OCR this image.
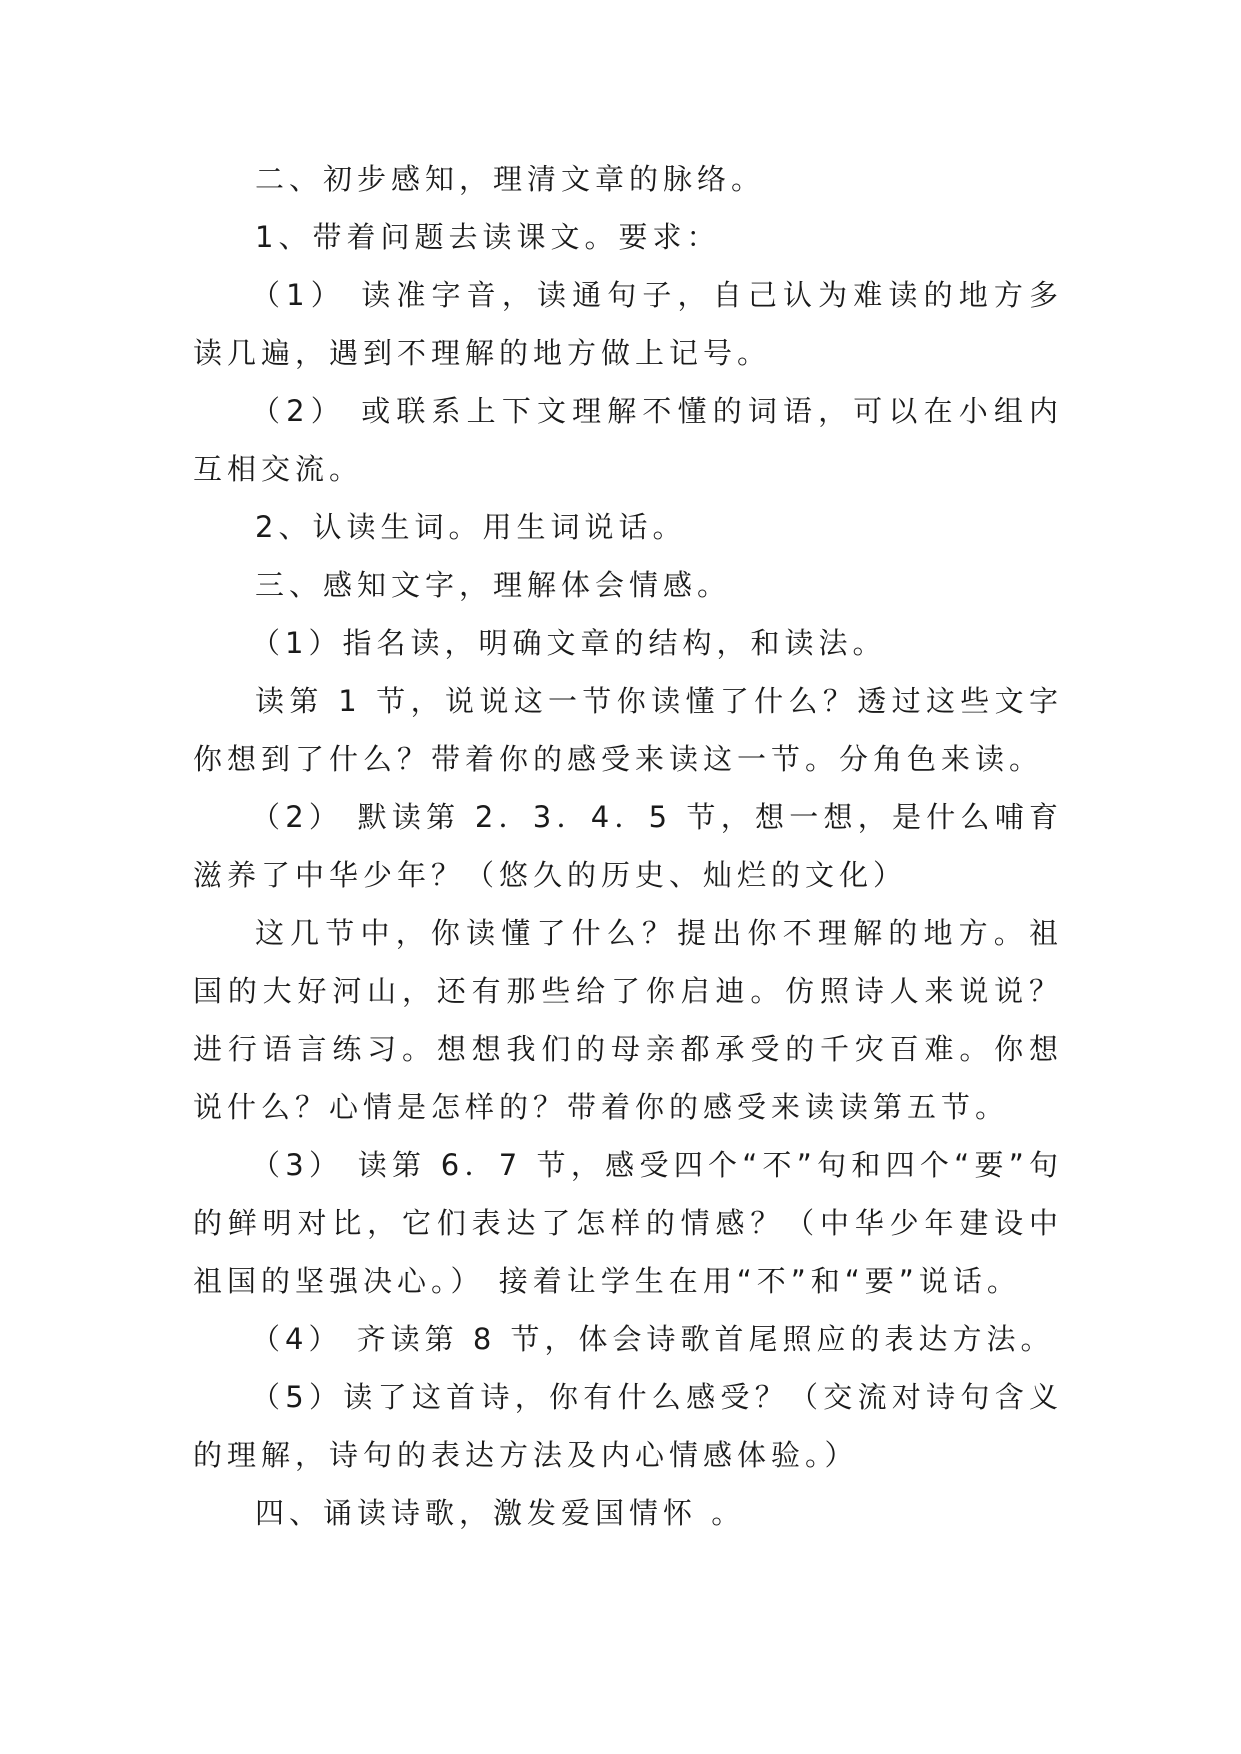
二、初步感知，理清文章的脉络。

1、带着问题去读课文。要求：

（1） 读准字音，读通句子，自己认为难读的地方多读几遍，遇到不理解的地方做上记号。

（2） 或联系上下文理解不懂的词语，可以在小组内互相交流。

2、认读生词。用生词说话。

三、感知文字，理解体会情感。

（1）指名读，明确文章的结构，和读法。

读第 1 节，说说这一节你读懂了什么？透过这些文字你想到了什么？带着你的感受来读这一节。分角色来读。

（2） 默读第 2．3．4．5 节，想一想，是什么哺育滋养了中华少年？（悠久的历史、灿烂的文化）

这几节中，你读懂了什么？提出你不理解的地方。祖国的大好河山，还有那些给了你启迪。仿照诗人来说说？进行语言练习。想想我们的母亲都承受的千灾百难。你想说什么？心情是怎样的？带着你的感受来读读第五节。

（3） 读第 6．7 节，感受四个“不”句和四个“要”句的鲜明对比，它们表达了怎样的情感？（中华少年建设中祖国的坚强决心。） 接着让学生在用“不”和“要”说话。

（4） 齐读第 8 节，体会诗歌首尾照应的表达方法。

（5）读了这首诗，你有什么感受？（交流对诗句含义的理解，诗句的表达方法及内心情感体验。）

四、诵读诗歌，激发爱国情怀 。
